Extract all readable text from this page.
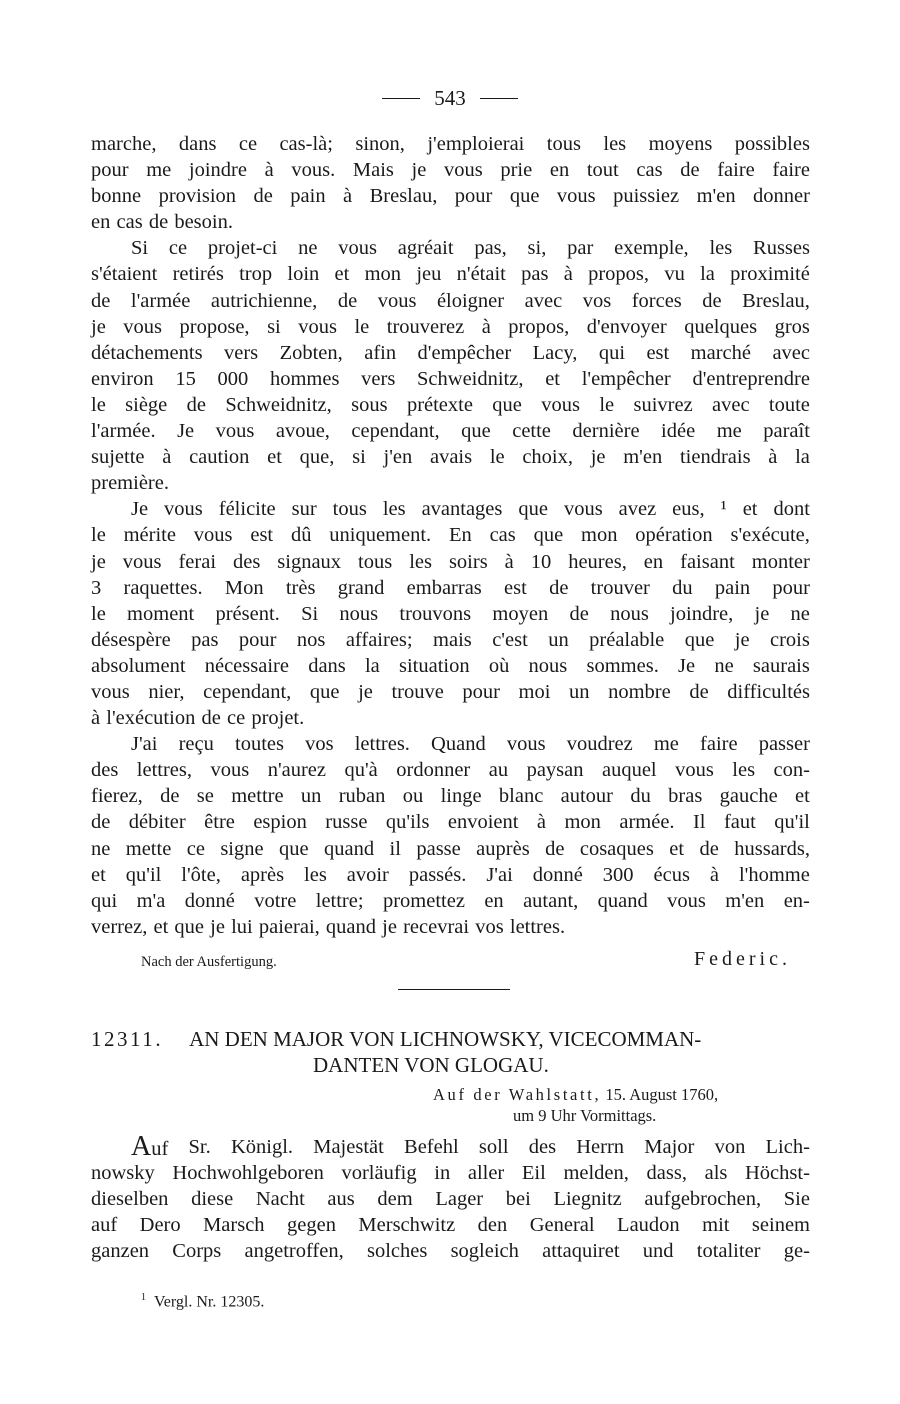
543
marche, dans ce cas-là; sinon, j'emploierai tous les moyens possibles
pour me joindre à vous. Mais je vous prie en tout cas de faire faire
bonne provision de pain à Breslau, pour que vous puissiez m'en donner
en cas de besoin.
Si ce projet-ci ne vous agréait pas, si, par exemple, les Russes
s'étaient retirés trop loin et mon jeu n'était pas à propos, vu la proximité
de l'armée autrichienne, de vous éloigner avec vos forces de Breslau,
je vous propose, si vous le trouverez à propos, d'envoyer quelques gros
détachements vers Zobten, afin d'empêcher Lacy, qui est marché avec
environ 15 000 hommes vers Schweidnitz, et l'empêcher d'entreprendre
le siège de Schweidnitz, sous prétexte que vous le suivrez avec toute
l'armée. Je vous avoue, cependant, que cette dernière idée me paraît
sujette à caution et que, si j'en avais le choix, je m'en tiendrais à la
première.
Je vous félicite sur tous les avantages que vous avez eus, ¹ et dont
le mérite vous est dû uniquement. En cas que mon opération s'exécute,
je vous ferai des signaux tous les soirs à 10 heures, en faisant monter
3 raquettes. Mon très grand embarras est de trouver du pain pour
le moment présent. Si nous trouvons moyen de nous joindre, je ne
désespère pas pour nos affaires; mais c'est un préalable que je crois
absolument nécessaire dans la situation où nous sommes. Je ne saurais
vous nier, cependant, que je trouve pour moi un nombre de difficultés
à l'exécution de ce projet.
J'ai reçu toutes vos lettres. Quand vous voudrez me faire passer
des lettres, vous n'aurez qu'à ordonner au paysan auquel vous les con-
fierez, de se mettre un ruban ou linge blanc autour du bras gauche et
de débiter être espion russe qu'ils envoient à mon armée. Il faut qu'il
ne mette ce signe que quand il passe auprès de cosaques et de hussards,
et qu'il l'ôte, après les avoir passés. J'ai donné 300 écus à l'homme
qui m'a donné votre lettre; promettez en autant, quand vous m'en en-
verrez, et que je lui paierai, quand je recevrai vos lettres.
Nach der Ausfertigung.	Federic.
12311. AN DEN MAJOR VON LICHNOWSKY, VICECOMMAN-
DANTEN VON GLOGAU.
Auf der Wahlstatt, 15. August 1760,
um 9 Uhr Vormittags.
Auf Sr. Königl. Majestät Befehl soll des Herrn Major von Lich-
nowsky Hochwohlgeboren vorläufig in aller Eil melden, dass, als Höchst-
dieselben diese Nacht aus dem Lager bei Liegnitz aufgebrochen, Sie
auf Dero Marsch gegen Merschwitz den General Laudon mit seinem
ganzen Corps angetroffen, solches sogleich attaquiret und totaliter ge-
$^1$ Vergl. Nr. 12305.
